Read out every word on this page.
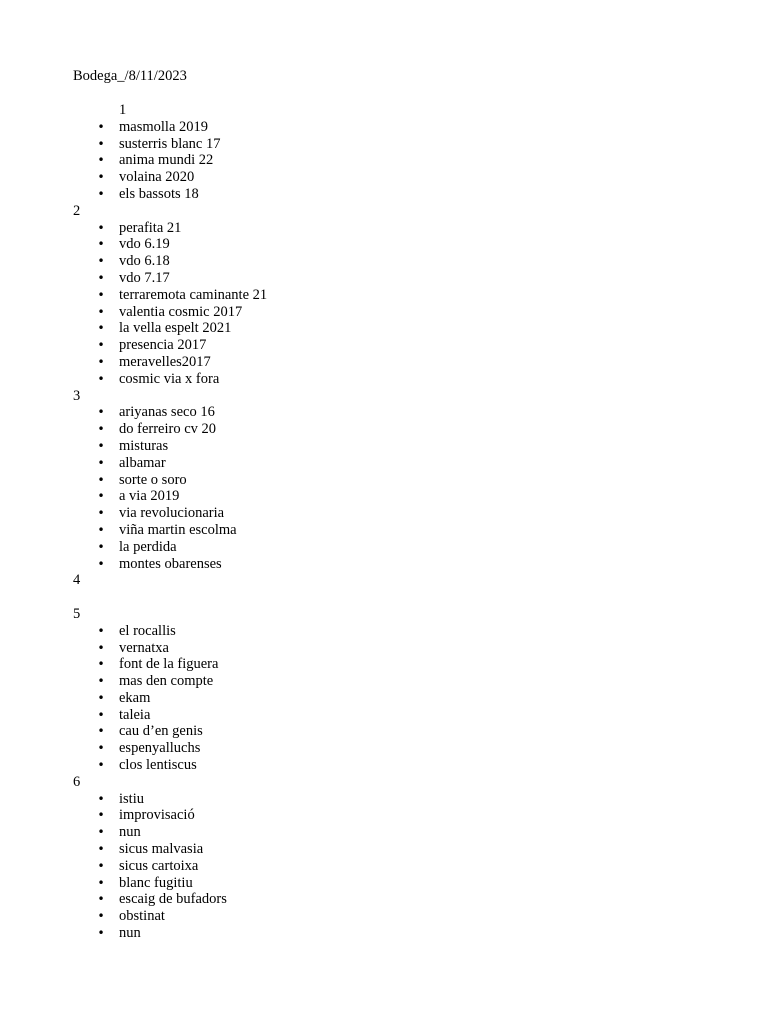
Bodega_/8/11/2023
1
• masmolla 2019
• susterris blanc 17
• anima mundi 22
• volaina 2020
• els bassots 18
2
• perafita 21
• vdo 6.19
• vdo 6.18
• vdo 7.17
• terraremota caminante 21
• valentia cosmic 2017
• la vella espelt 2021
• presencia 2017
• meravelles2017
• cosmic via x fora
3
• ariyanas seco 16
• do ferreiro cv 20
• misturas
• albamar
• sorte o soro
• a via 2019
• via revolucionaria
• viña martin escolma
• la perdida
• montes obarenses
4
5
• el rocallis
• vernatxa
• font de la figuera
• mas den compte
• ekam
• taleia
• cau d’en genis
• espenyalluchs
• clos lentiscus
6
• istiu
• improvisació
• nun
• sicus malvasia
• sicus cartoixa
• blanc fugitiu
• escaig de bufadors
• obstinat
• nun
